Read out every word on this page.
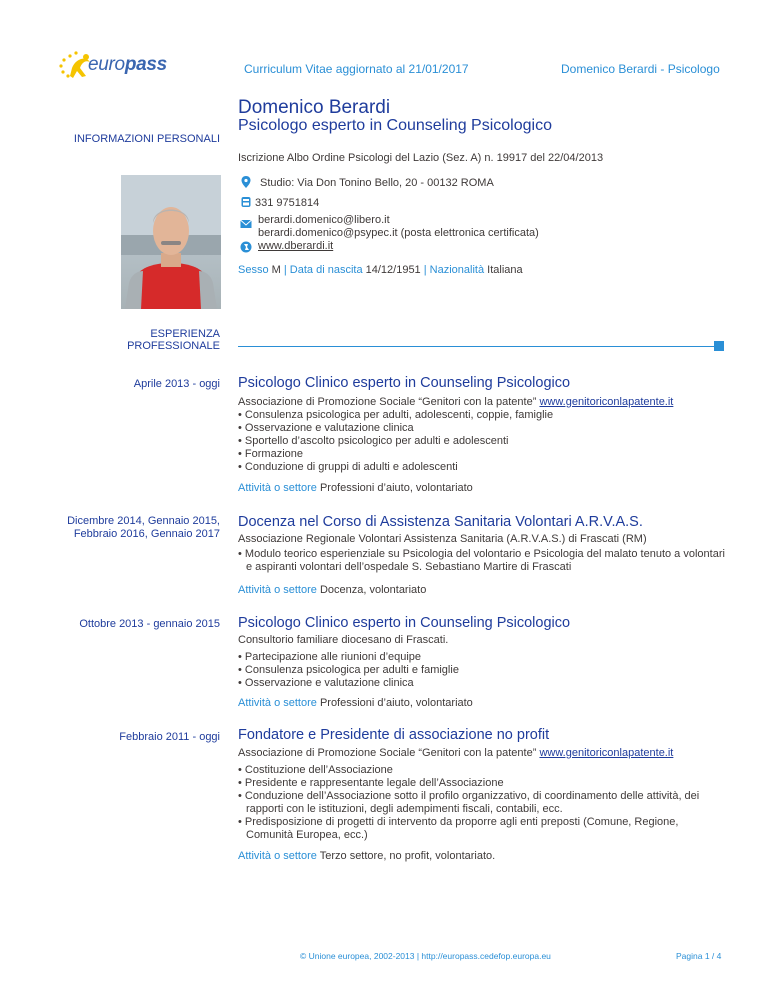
europass	Curriculum Vitae aggiornato al 21/01/2017	Domenico Berardi - Psicologo
INFORMAZIONI PERSONALI
Domenico Berardi
Psicologo esperto in Counseling Psicologico
Iscrizione Albo Ordine Psicologi del Lazio (Sez. A) n. 19917 del 22/04/2013
Studio: Via Don Tonino Bello, 20 - 00132 ROMA
331 9751814
berardi.domenico@libero.it
berardi.domenico@psypec.it (posta elettronica certificata)
www.dberardi.it
Sesso M | Data di nascita 14/12/1951 | Nazionalità Italiana
ESPERIENZA
PROFESSIONALE
Aprile 2013 - oggi Psicologo Clinico esperto in Counseling Psicologico
Associazione di Promozione Sociale “Genitori con la patente” www.genitoriconlapatente.it
• Consulenza psicologica per adulti, adolescenti, coppie, famiglie
• Osservazione e valutazione clinica
• Sportello d’ascolto psicologico per adulti e adolescenti
• Formazione
• Conduzione di gruppi di adulti e adolescenti
Attività o settore Professioni d’aiuto, volontariato
Dicembre 2014, Gennaio 2015,
Febbraio 2016, Gennaio 2017
Docenza nel Corso di Assistenza Sanitaria Volontari A.R.V.A.S.
Associazione Regionale Volontari Assistenza Sanitaria (A.R.V.A.S.) di Frascati (RM)
• Modulo teorico esperienziale su Psicologia del volontario e Psicologia del malato tenuto a volontari e aspiranti volontari dell’ospedale S. Sebastiano Martire di Frascati
Attività o settore Docenza, volontariato
Ottobre 2013 - gennaio 2015 Psicologo Clinico esperto in Counseling Psicologico
Consultorio familiare diocesano di Frascati.
• Partecipazione alle riunioni d’equipe
• Consulenza psicologica per adulti e famiglie
• Osservazione e valutazione clinica
Attività o settore Professioni d’aiuto, volontariato
Febbraio 2011 - oggi Fondatore e Presidente di associazione no profit
Associazione di Promozione Sociale “Genitori con la patente” www.genitoriconlapatente.it
• Costituzione dell’Associazione
• Presidente e rappresentante legale dell’Associazione
• Conduzione dell’Associazione sotto il profilo organizzativo, di coordinamento delle attività, dei rapporti con le istituzioni, degli adempimenti fiscali, contabili, ecc.
• Predisposizione di progetti di intervento da proporre agli enti preposti (Comune, Regione, Comunità Europea, ecc.)
Attività o settore Terzo settore, no profit, volontariato.
© Unione europea, 2002-2013 | http://europass.cedefop.europa.eu	Pagina 1 / 4
